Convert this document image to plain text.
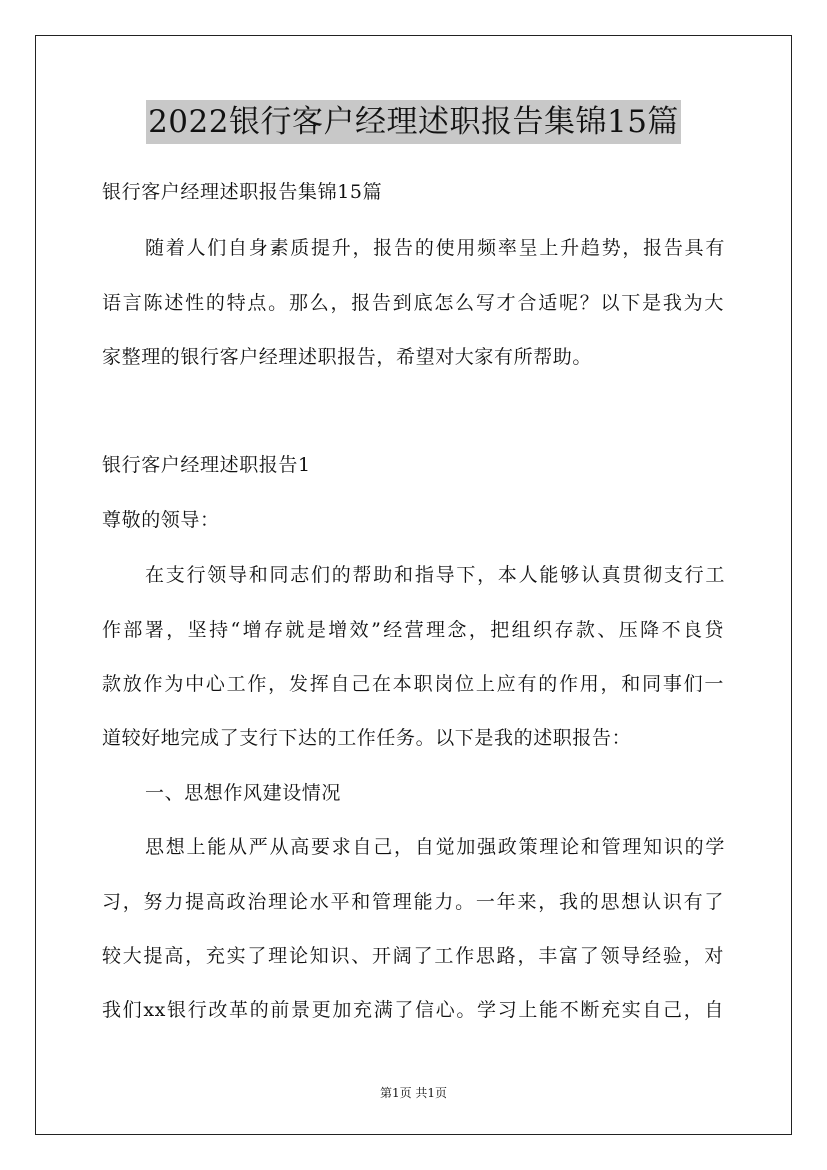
2022银行客户经理述职报告集锦15篇
银行客户经理述职报告集锦15篇
随着人们自身素质提升，报告的使用频率呈上升趋势，报告具有
语言陈述性的特点。那么，报告到底怎么写才合适呢？以下是我为大
家整理的银行客户经理述职报告，希望对大家有所帮助。
银行客户经理述职报告1
尊敬的领导：
在支行领导和同志们的帮助和指导下，本人能够认真贯彻支行工
作部署，坚持“增存就是增效”经营理念，把组织存款、压降不良贷
款放作为中心工作，发挥自己在本职岗位上应有的作用，和同事们一
道较好地完成了支行下达的工作任务。以下是我的述职报告：
一、思想作风建设情况
思想上能从严从高要求自己，自觉加强政策理论和管理知识的学
习，努力提高政治理论水平和管理能力。一年来，我的思想认识有了
较大提高，充实了理论知识、开阔了工作思路，丰富了领导经验，对
我们xx银行改革的前景更加充满了信心。学习上能不断充实自己，自
第1页 共1页
